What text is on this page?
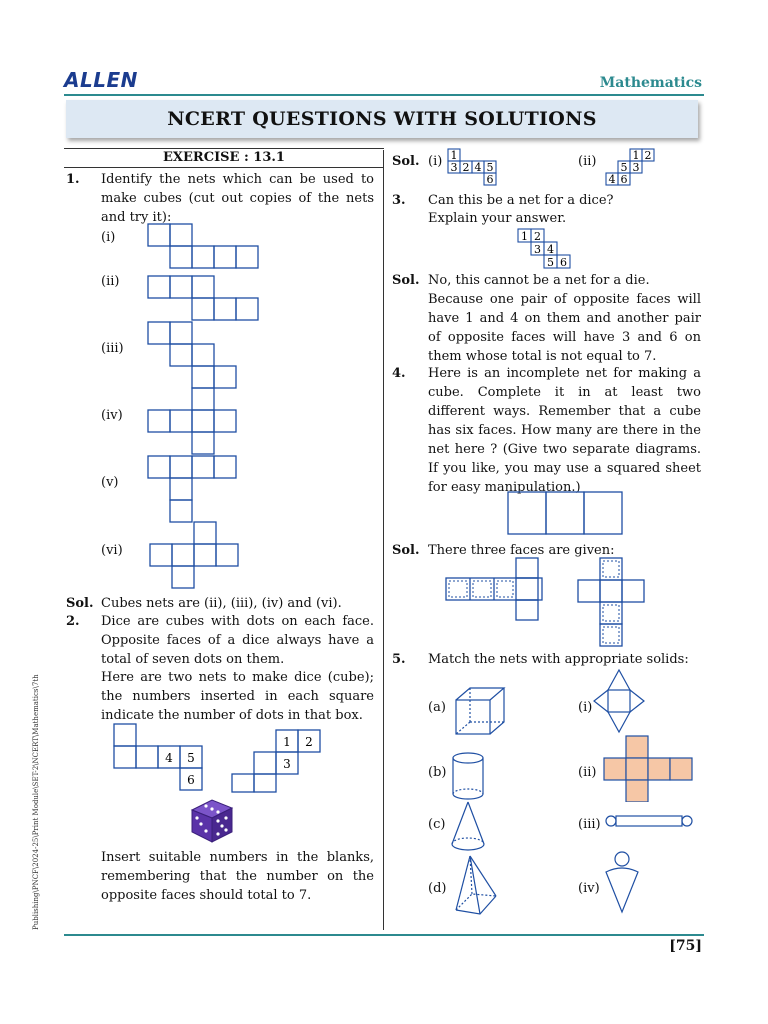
ALLEN	Mathematics
NCERT QUESTIONS WITH SOLUTIONS
EXERCISE : 13.1
1. Identify the nets which can be used to make cubes (cut out copies of the nets and try it):
(i)
(ii)
(iii)
(iv)
(v)
(vi)
Sol. Cubes nets are (ii), (iii), (iv) and (vi).
2. Dice are cubes with dots on each face. Opposite faces of a dice always have a total of seven dots on them.
Here are two nets to make dice (cube); the numbers inserted in each square indicate the number of dots in that box.
4 5
6
1 2
3
Insert suitable numbers in the blanks, remembering that the number on the opposite faces should total to 7.
Sol. (i)	(ii)
1
3 2 4 5
6
1 2
5 3
4 6
3. Can this be a net for a dice?
Explain your answer.
1 2
3 4
5 6
Sol. No, this cannot be a net for a die.
Because one pair of opposite faces will have 1 and 4 on them and another pair of opposite faces will have 3 and 6 on them whose total is not equal to 7.
4. Here is an incomplete net for making a cube. Complete it in at least two different ways. Remember that a cube has six faces. How many are there in the net here ? (Give two separate diagrams. If you like, you may use a squared sheet for easy manipulation.)
Sol. There three faces are given:
5. Match the nets with appropriate solids:
(a)
(b)
(c)
(d)
(i)
(ii)
(iii)
(iv)
[75]
Publishing\PNCF\2024-25\Print Module\SET-2\NCERT\Mathematics\7th
